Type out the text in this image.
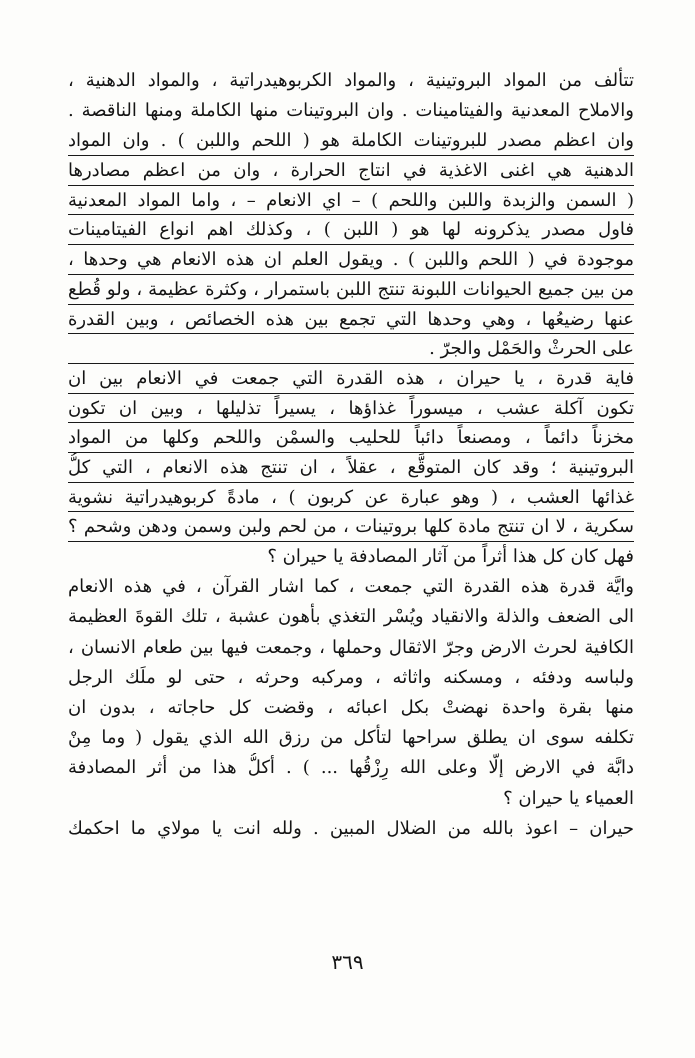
تتألف من المواد البروتينية ، والمواد الكربوهيدراتية ، والمواد الدهنية ،
والاملاح المعدنية والفيتامينات . وان البروتينات منها الكاملة ومنها الناقصة .
وان اعظم مصدر للبروتينات الكاملة هو ( اللحم واللبن ) . وان المواد
الدهنية هي اغنى الاغذية في انتاج الحرارة ، وان من اعظم مصادرها
( السمن والزبدة واللبن واللحم ) – اي الانعام – ، واما المواد المعدنية
فاول مصدر يذكرونه لها هو ( اللبن ) ، وكذلك اهم انواع الفيتامينات
موجودة في ( اللحم واللبن ) . ويقول العلم ان هذه الانعام هي وحدها ،
من بين جميع الحيوانات اللبونة تنتج اللبن باستمرار ، وكثرة عظيمة ، ولو قُطع
عنها رضيعُها ، وهي وحدها التي تجمع بين هذه الخصائص ، وبين القدرة
على الحرثْ والحَمْل والجرّ .
فاية قدرة ، يا حيران ، هذه القدرة التي جمعت في الانعام بين ان
تكون آكلة عشب ، ميسوراً غذاؤها ، يسيراً تذليلها ، وبين ان تكون
مخزناً دائماً ، ومصنعاً دائباً للحليب والسمْن واللحم وكلها من المواد
البروتينية ؛ وقد كان المتوقَّع ، عقلاً ، ان تنتج هذه الانعام ، التي كلُّ
غذائها العشب ، ( وهو عبارة عن كربون ) ، مادةً كربوهيدراتية نشوية
سكرية ، لا ان تنتج مادة كلها بروتينات ، من لحم ولبن وسمن ودهن وشحم ؟
فهل كان كل هذا أثراً من آثار المصادفة يا حيران ؟
وايَّة قدرة هذه القدرة التي جمعت ، كما اشار القرآن ، في هذه الانعام
الى الضعف والذلة والانقياد ويُسْر التغذي بأهون عشبة ، تلك القوةَ العظيمة
الكافية لحرث الارض وجرّ الاثقال وحملها ، وجمعت فيها بين طعام الانسان ،
ولباسه ودفئه ، ومسكنه واثاثه ، ومركبه وحرثه ، حتى لو ملَك الرجل
منها بقرة واحدة نهضتْ بكل اعبائه ، وقضت كل حاجاته ، بدون ان
تكلفه سوى ان يطلق سراحها لتأكل من رزق الله الذي يقول ( وما مِنْ
دابَّة في الارض إلّا وعلى الله رِزْقُها ... ) . أكلُّ هذا من أثر المصادفة
العمياء يا حيران ؟
حيران – اعوذ بالله من الضلال المبين . ولله انت يا مولاي ما احكمك
٣٦٩
